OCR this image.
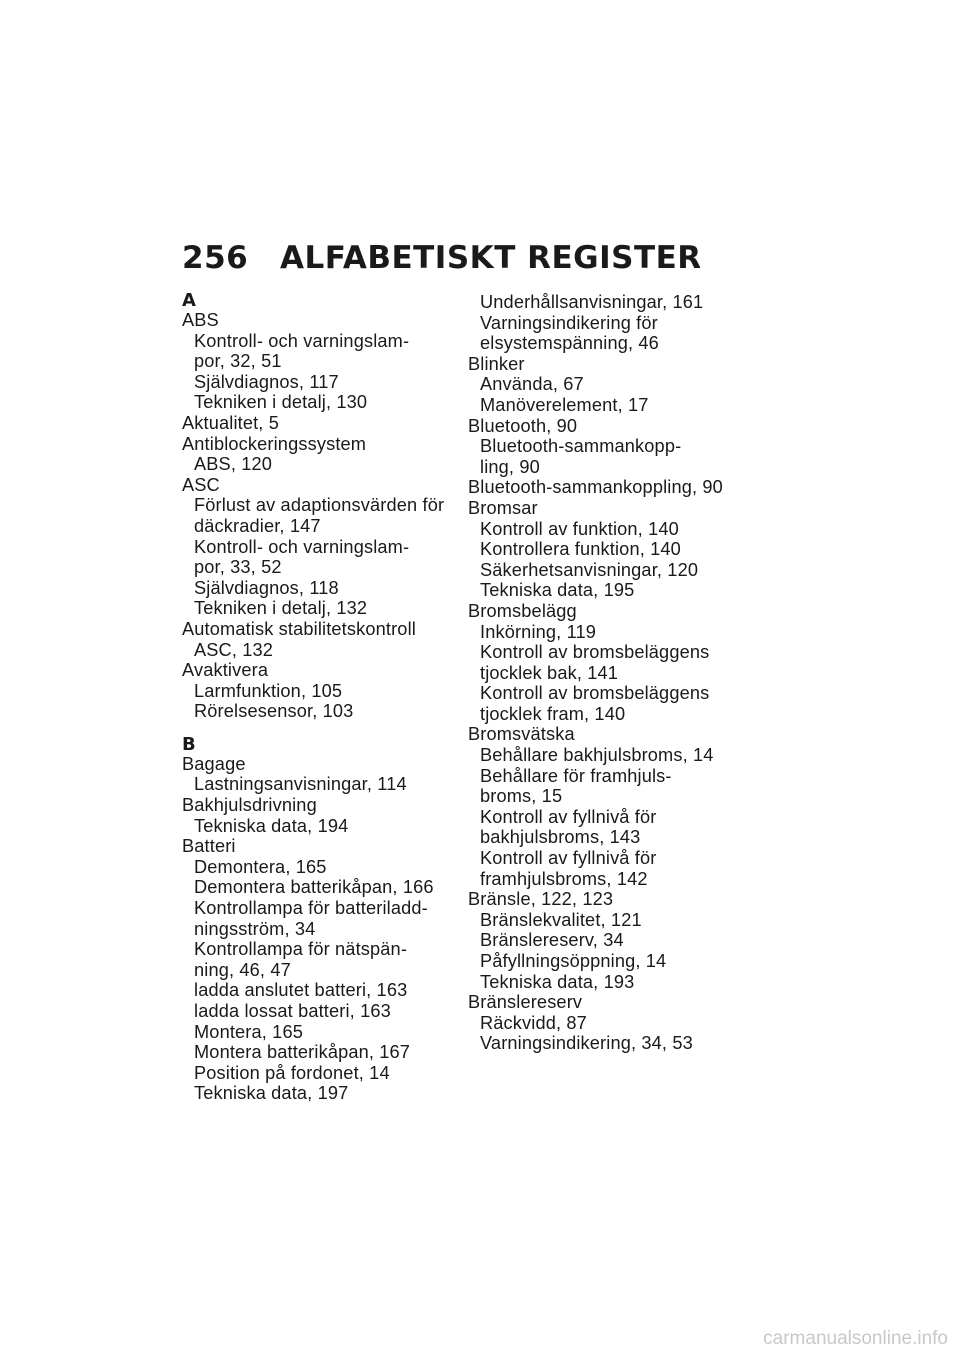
256 ALFABETISKT REGISTER
A
ABS
Kontroll- och varningslam-
por, 32, 51
Självdiagnos, 117
Tekniken i detalj, 130
Aktualitet, 5
Antiblockeringssystem
ABS, 120
ASC
Förlust av adaptionsvärden för
däckradier, 147
Kontroll- och varningslam-
por, 33, 52
Självdiagnos, 118
Tekniken i detalj, 132
Automatisk stabilitetskontroll
ASC, 132
Avaktivera
Larmfunktion, 105
Rörelsesensor, 103
B
Bagage
Lastningsanvisningar, 114
Bakhjulsdrivning
Tekniska data, 194
Batteri
Demontera, 165
Demontera batterikåpan, 166
Kontrollampa för batteriladd-
ningsström, 34
Kontrollampa för nätspän-
ning, 46, 47
ladda anslutet batteri, 163
ladda lossat batteri, 163
Montera, 165
Montera batterikåpan, 167
Position på fordonet, 14
Tekniska data, 197
Underhållsanvisningar, 161
Varningsindikering för
elsystemspänning, 46
Blinker
Använda, 67
Manöverelement, 17
Bluetooth, 90
Bluetooth-sammankopp-
ling, 90
Bluetooth-sammankoppling, 90
Bromsar
Kontroll av funktion, 140
Kontrollera funktion, 140
Säkerhetsanvisningar, 120
Tekniska data, 195
Bromsbelägg
Inkörning, 119
Kontroll av bromsbeläggens
tjocklek bak, 141
Kontroll av bromsbeläggens
tjocklek fram, 140
Bromsvätska
Behållare bakhjulsbroms, 14
Behållare för framhjuls-
broms, 15
Kontroll av fyllnivå för
bakhjulsbroms, 143
Kontroll av fyllnivå för
framhjulsbroms, 142
Bränsle, 122, 123
Bränslekvalitet, 121
Bränslereserv, 34
Påfyllningsöppning, 14
Tekniska data, 193
Bränslereserv
Räckvidd, 87
Varningsindikering, 34, 53
carmanualsonline.info
